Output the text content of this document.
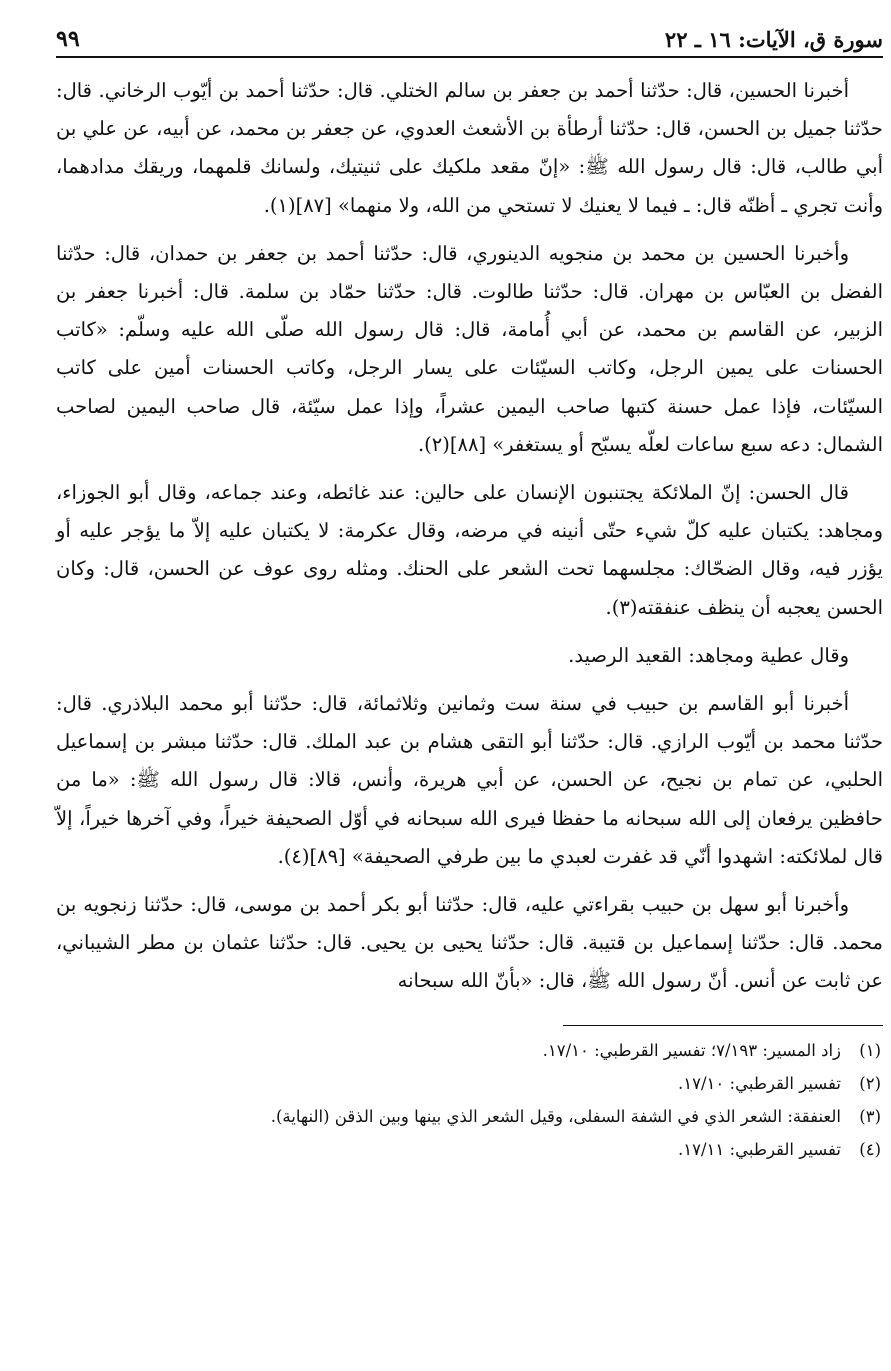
سورة ق، الآيات: ١٦ ـ ٢٢
٩٩

أخبرنا الحسين، قال: حدّثنا أحمد بن جعفر بن سالم الختلي. قال: حدّثنا أحمد بن أيّوب الرخاني. قال: حدّثنا جميل بن الحسن، قال: حدّثنا أرطأة بن الأشعث العدوي، عن جعفر بن محمد، عن أبيه، عن علي بن أبي طالب، قال: قال رسول الله ﷺ: «إنّ مقعد ملكيك على ثنيتيك، ولسانك قلمهما، وريقك مدادهما، وأنت تجري ـ أظنّه قال: ـ فيما لا يعنيك لا تستحي من الله، ولا منهما» [٨٧](١).

وأخبرنا الحسين بن محمد بن منجويه الدينوري، قال: حدّثنا أحمد بن جعفر بن حمدان، قال: حدّثنا الفضل بن العبّاس بن مهران. قال: حدّثنا طالوت. قال: حدّثنا حمّاد بن سلمة. قال: أخبرنا جعفر بن الزبير، عن القاسم بن محمد، عن أبي أُمامة، قال: قال رسول الله صلّى الله عليه وسلّم: «كاتب الحسنات على يمين الرجل، وكاتب السيّئات على يسار الرجل، وكاتب الحسنات أمين على كاتب السيّئات، فإذا عمل حسنة كتبها صاحب اليمين عشراً، وإذا عمل سيّئة، قال صاحب اليمين لصاحب الشمال: دعه سبع ساعات لعلّه يسبّح أو يستغفر» [٨٨](٢).

قال الحسن: إنّ الملائكة يجتنبون الإنسان على حالين: عند غائطه، وعند جماعه، وقال أبو الجوزاء، ومجاهد: يكتبان عليه كلّ شيء حتّى أنينه في مرضه، وقال عكرمة: لا يكتبان عليه إلاّ ما يؤجر عليه أو يؤزر فيه، وقال الضحّاك: مجلسهما تحت الشعر على الحنك. ومثله روى عوف عن الحسن، قال: وكان الحسن يعجبه أن ينظف عنفقته(٣).

وقال عطية ومجاهد: القعيد الرصيد.

أخبرنا أبو القاسم بن حبيب في سنة ست وثمانين وثلاثمائة، قال: حدّثنا أبو محمد البلاذري. قال: حدّثنا محمد بن أيّوب الرازي. قال: حدّثنا أبو التقى هشام بن عبد الملك. قال: حدّثنا مبشر بن إسماعيل الحلبي، عن تمام بن نجيح، عن الحسن، عن أبي هريرة، وأنس، قالا: قال رسول الله ﷺ: «ما من حافظين يرفعان إلى الله سبحانه ما حفظا فيرى الله سبحانه في أوّل الصحيفة خيراً، وفي آخرها خيراً، إلاّ قال لملائكته: اشهدوا أنّي قد غفرت لعبدي ما بين طرفي الصحيفة» [٨٩](٤).

وأخبرنا أبو سهل بن حبيب بقراءتي عليه، قال: حدّثنا أبو بكر أحمد بن موسى، قال: حدّثنا زنجويه بن محمد. قال: حدّثنا إسماعيل بن قتيبة. قال: حدّثنا يحيى بن يحيى. قال: حدّثنا عثمان بن مطر الشيباني، عن ثابت عن أنس. أنّ رسول الله ﷺ، قال: «بأنّ الله سبحانه

(١)
زاد المسير: ٧/١٩٣؛ تفسير القرطبي: ١٧/١٠.
(٢)
تفسير القرطبي: ١٧/١٠.
(٣)
العنفقة: الشعر الذي في الشفة السفلى، وقيل الشعر الذي بينها وبين الذقن (النهاية).
(٤)
تفسير القرطبي: ١٧/١١.
